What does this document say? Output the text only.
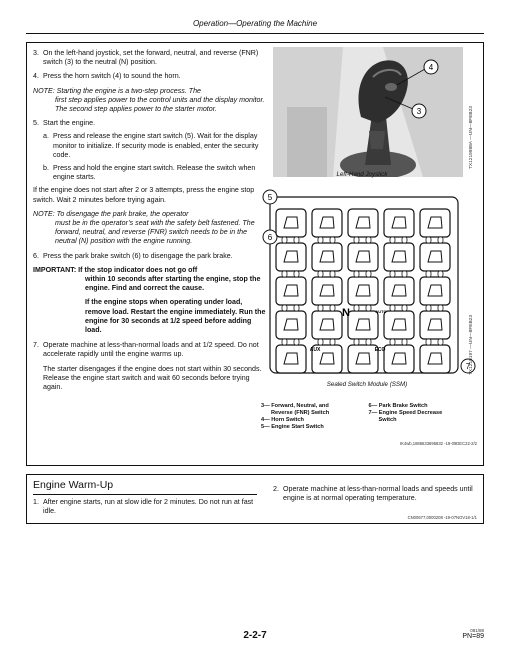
Operation—Operating the Machine
3. On the left-hand joystick, set the forward, neutral, and reverse (FNR) switch (3) to the neutral (N) position.
4. Press the horn switch (4) to sound the horn.
NOTE: Starting the engine is a two-step process. The
first step applies power to the control units and the display monitor. The second step applies power to the starter motor.
5. Start the engine.
a. Press and release the engine start switch (5). Wait for the display monitor to initialize. If security mode is enabled, enter the security code.
b. Press and hold the engine start switch. Release the switch when engine starts.

If the engine does not start after 2 or 3 attempts, press the engine stop switch. Wait 2 minutes before trying again.

NOTE: To disengage the park brake, the operator
must be in the operator’s seat with the safety belt fastened. The forward, neutral, and reverse (FNR) switch needs to be in the neutral (N) position with the engine running.
6. Press the park brake switch (6) to disengage the park brake.
IMPORTANT: If the stop indicator does not go off
within 10 seconds after starting the engine, stop the engine. Find and correct the cause.
If the engine stops when operating under load, remove load. Restart the engine immediately. Run the engine for 30 seconds at 1/2 speed before adding load.
7. Operate machine at less-than-normal loads and at 1/2 speed. Do not accelerate rapidly until the engine warms up.
The starter disengages if the engine does not start within 30 seconds. Release the engine start switch and wait 60 seconds before trying again.
4
3	TX1219988A —UN—8FEB23
Left-Hand Joystick
5
6
7
N
AUX	ECO
AUTO
TX1219197 —UN—8FEB23
Sealed Switch Module (SSM)
3— Forward, Neutral, and
Reverse (FNR) Switch
4— Horn Switch
5— Engine Start Switch
6— Park Brake Switch
7— Engine Speed Decrease
Switch
IK4wb,1886633695832 -19-09DEC22-2/2
Engine Warm-Up
1. After engine starts, run at slow idle for 2 minutes. Do not run at fast idle.
2. Operate machine at less-than-normal loads and speeds until engine is at normal operating temperature.
CN00677,0000208 -19-07NOV18-1/1
2-2-7	081/88
PN=89
